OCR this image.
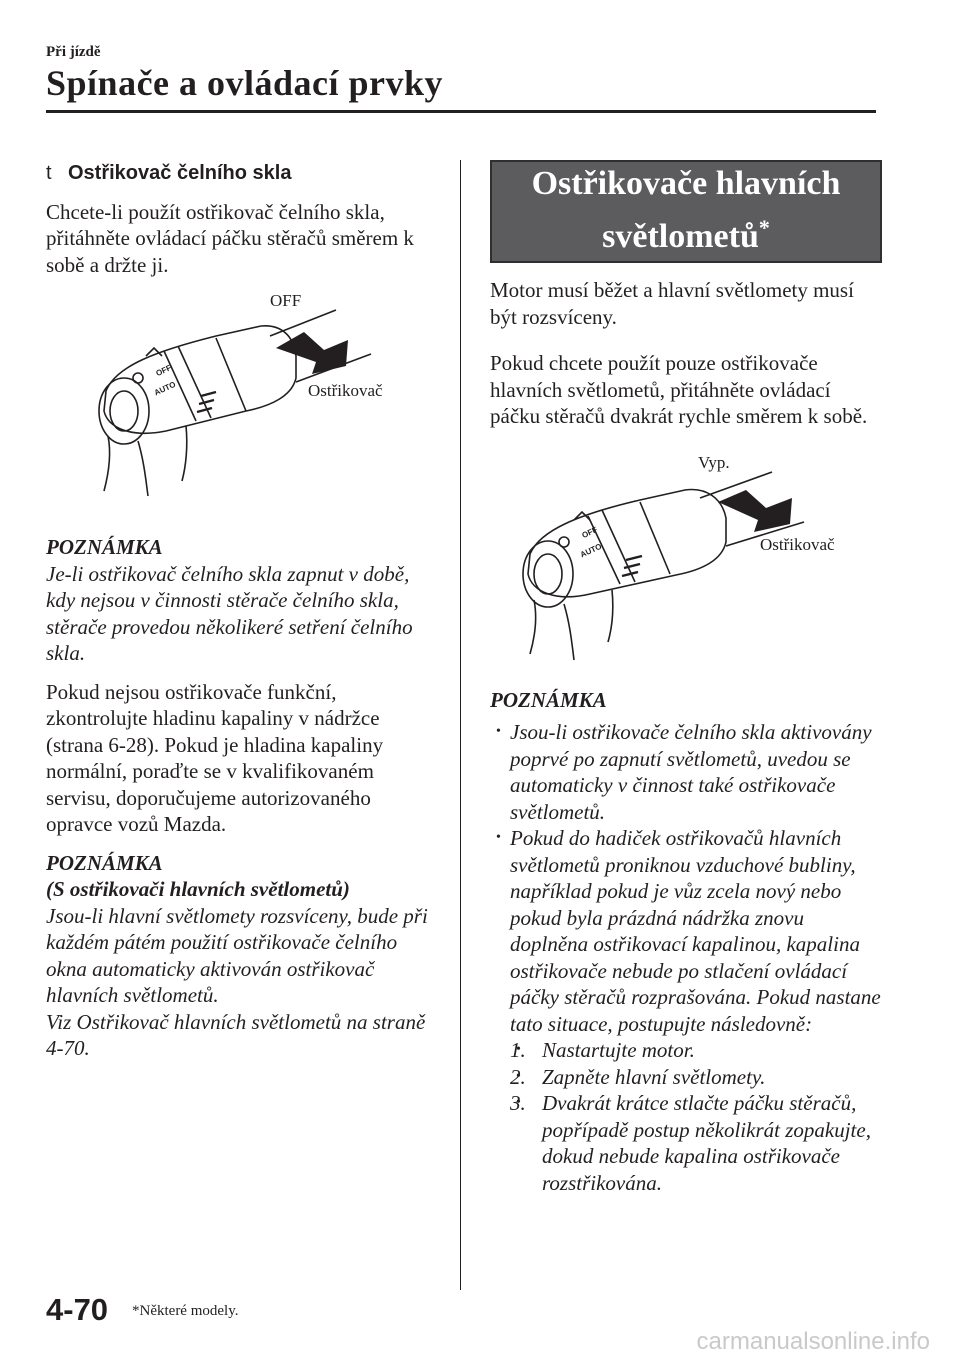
Při jízdě
Spínače a ovládací prvky
t Ostřikovač čelního skla

Chcete-li použít ostřikovač čelního skla, přitáhněte ovládací páčku stěračů směrem k sobě a držte ji.

OFF
Ostřikovač
OFF
AUTO
POZNÁMKA

Je-li ostřikovač čelního skla zapnut v době, kdy nejsou v činnosti stěrače čelního skla, stěrače provedou několikeré setření čelního skla.

Pokud nejsou ostřikovače funkční, zkontrolujte hladinu kapaliny v nádržce (strana 6-28). Pokud je hladina kapaliny normální, poraďte se v kvalifikovaném servisu, doporučujeme autorizovaného opravce vozů Mazda.

POZNÁMKA
(S ostřikovači hlavních světlometů)
Jsou-li hlavní světlomety rozsvíceny, bude při každém pátém použití ostřikovače čelního okna automaticky aktivován ostřikovač hlavních světlometů.
Viz Ostřikovač hlavních světlometů na straně 4-70.
Ostřikovače hlavních
světlometů*

Motor musí běžet a hlavní světlomety musí být rozsvíceny.

Pokud chcete použít pouze ostřikovače hlavních světlometů, přitáhněte ovládací páčku stěračů dvakrát rychle směrem k sobě.

Vyp.
Ostřikovač
OFF
AUTO
POZNÁMKA
• Jsou-li ostřikovače čelního skla aktivovány poprvé po zapnutí světlometů, uvedou se automaticky v činnost také ostřikovače světlometů.
• Pokud do hadiček ostřikovačů hlavních světlometů proniknou vzduchové bubliny, například pokud je vůz zcela nový nebo pokud byla prázdná nádržka znovu doplněna ostřikovací kapalinou, kapalina ostřikovače nebude po stlačení ovládací páčky stěračů rozprašována. Pokud nastane tato situace, postupujte následovně:
• 1. Nastartujte motor.
• 2. Zapněte hlavní světlomety.
• 3. Dvakrát krátce stlačte páčku stěračů, popřípadě postup několikrát zopakujte, dokud nebude kapalina ostřikovače rozstřikována.
4-70 *Některé modely.
carmanualsonline.info
